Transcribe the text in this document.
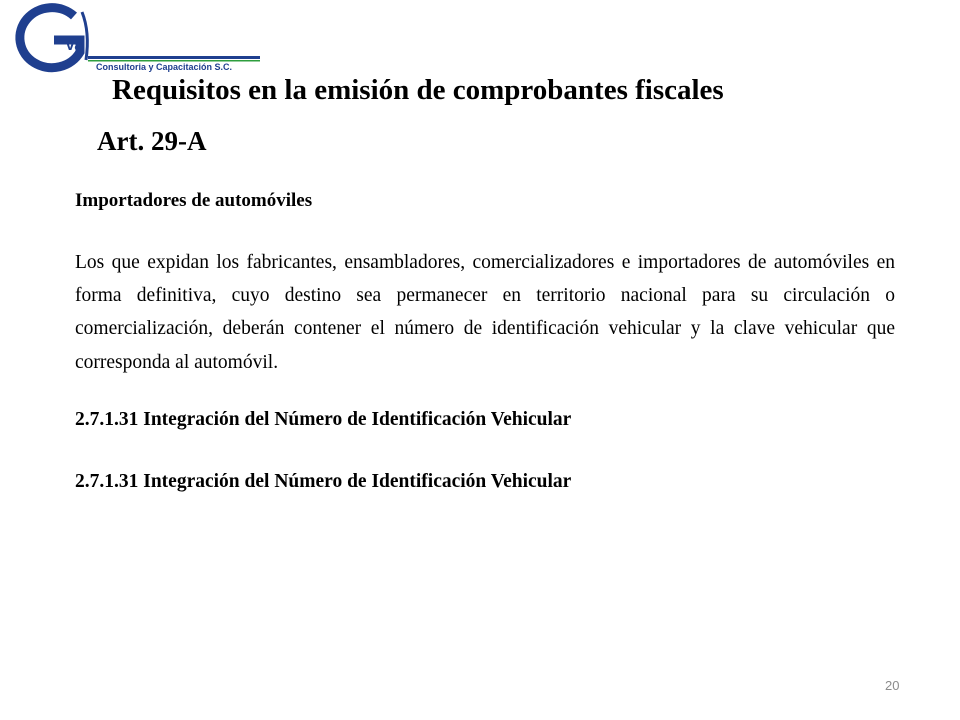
va
Consultoria y Capacitación S.C.
Requisitos en la emisión de comprobantes fiscales
Art. 29-A
Importadores de automóviles
Los que expidan los fabricantes, ensambladores, comercializadores e importadores de automóviles en forma definitiva, cuyo destino sea permanecer en territorio nacional para su circulación o comercialización, deberán contener el número de identificación vehicular y la clave vehicular que corresponda al automóvil.
2.7.1.31 Integración del Número de Identificación Vehicular
2.7.1.31 Integración del Número de Identificación Vehicular
20
